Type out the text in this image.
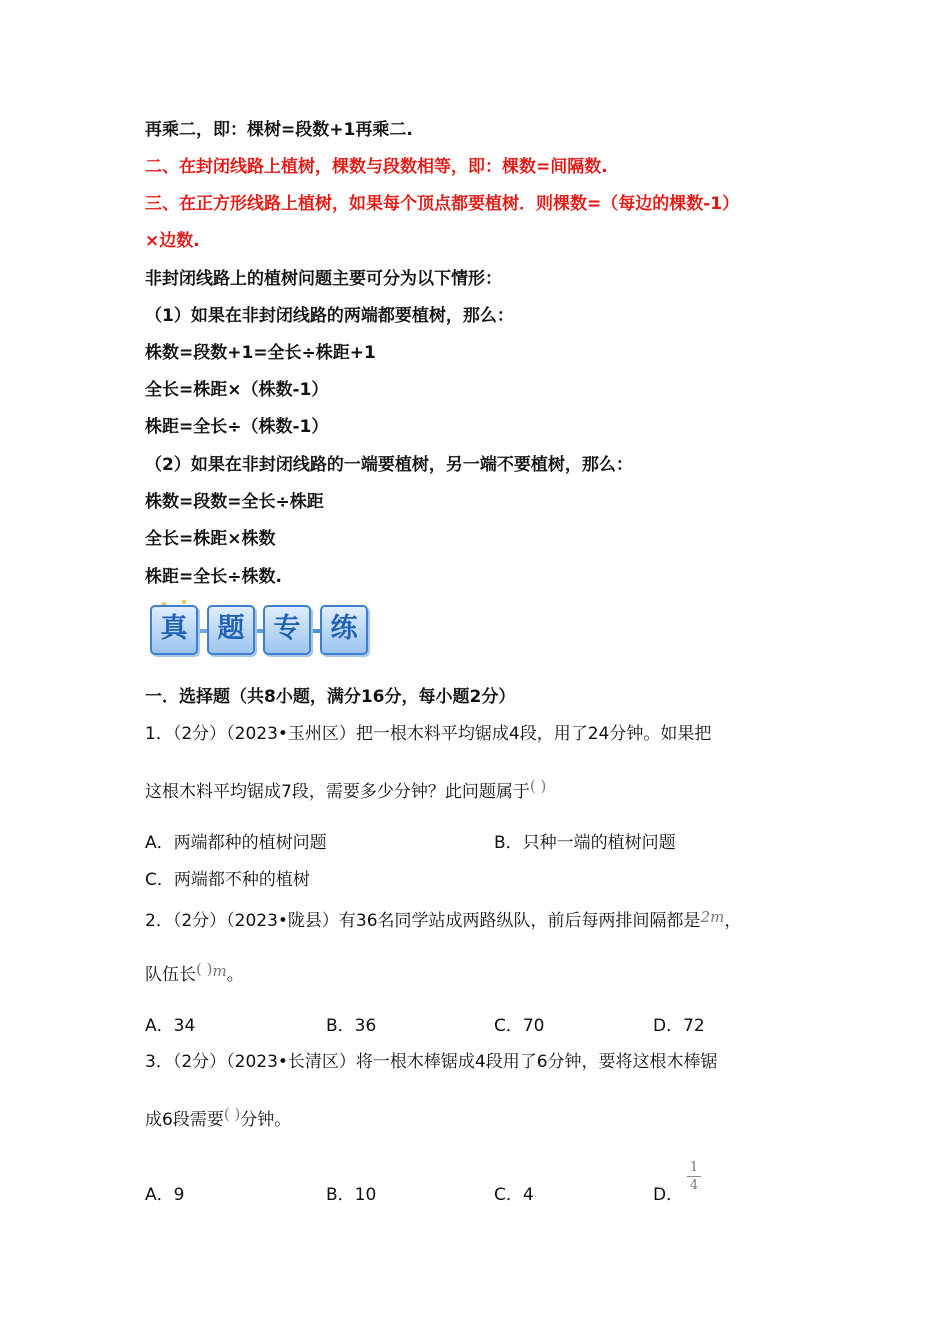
再乘二，即：棵树=段数+1再乘二.
二、在封闭线路上植树，棵数与段数相等，即：棵数=间隔数.
三、在正方形线路上植树，如果每个顶点都要植树．则棵数=（每边的棵数-1）
×边数.
非封闭线路上的植树问题主要可分为以下情形：
（1）如果在非封闭线路的两端都要植树，那么：
株数=段数+1=全长÷株距+1
全长=株距×（株数-1）
株距=全长÷（株数-1）
（2）如果在非封闭线路的一端要植树，另一端不要植树，那么：
株数=段数=全长÷株距
全长=株距×株数
株距=全长÷株数.
真	题	专	练
一．选择题（共8小题，满分16分，每小题2分）
1．（2分）（2023•玉州区）把一根木料平均锯成4段，用了24分钟。如果把
这根木料平均锯成7段，需要多少分钟？此问题属于( )
A．两端都种的植树问题	B．只种一端的植树问题
C．两端都不种的植树
2．（2分）（2023•陇县）有36名同学站成两路纵队，前后每两排间隔都是2m，
队伍长( )m。
A．34	B．36	C．70	D．72
3．（2分）（2023•长清区）将一根木棒锯成4段用了6分钟，要将这根木棒锯
成6段需要( )分钟。
A．9	B．10	C．4	D．
1
4
